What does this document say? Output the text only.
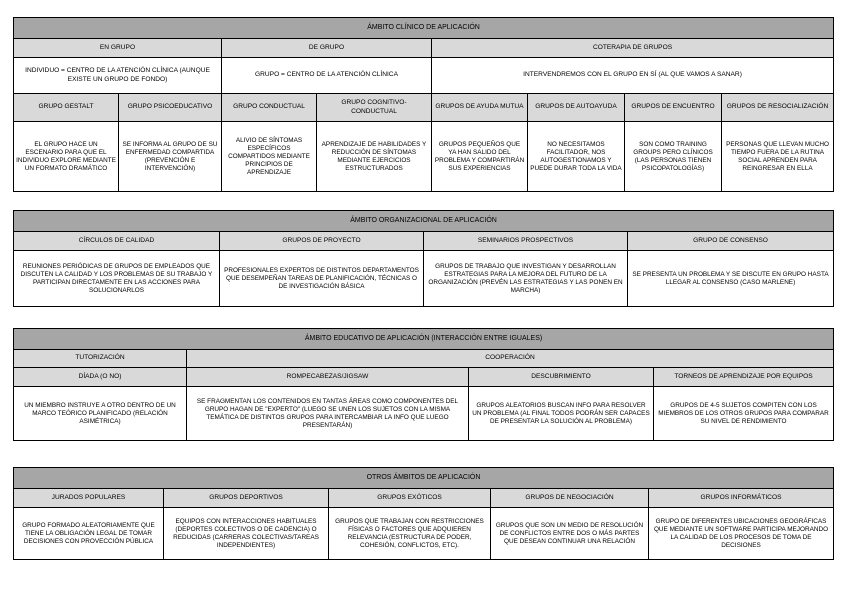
ÁMBITO CLÍNICO DE APLICACIÓN							
EN GRUPO		DE GRUPO		COTERAPIA DE GRUPOS			
INDIVIDUO = CENTRO DE LA ATENCIÓN CLÍNICA (AUNQUE EXISTE UN GRUPO DE FONDO)		GRUPO = CENTRO DE LA ATENCIÓN CLÍNICA		INTERVENDREMOS CON EL GRUPO EN SÍ (AL QUE VAMOS A SANAR)			
GRUPO GESTALT	GRUPO PSICOEDUCATIVO	GRUPO CONDUCTUAL	GRUPO COGNITIVO-CONDUCTUAL	GRUPOS DE AYUDA MUTUA	GRUPOS DE AUTOAYUDA	GRUPOS DE ENCUENTRO	GRUPOS DE RESOCIALIZACIÓN
EL GRUPO HACE UN ESCENARIO PARA QUE EL INDIVIDUO EXPLORE MEDIANTE UN FORMATO DRAMÁTICO	SE INFORMA AL GRUPO DE SU ENFERMEDAD COMPARTIDA (PREVENCIÓN E INTERVENCIÓN)	ALIVIO DE SÍNTOMAS ESPECÍFICOS COMPARTIDOS MEDIANTE PRINCIPIOS DE APRENDIZAJE	APRENDIZAJE DE HABILIDADES Y REDUCCIÓN DE SÍNTOMAS MEDIANTE EJERCICIOS ESTRUCTURADOS	GRUPOS PEQUEÑOS QUE YA HAN SALIDO DEL PROBLEMA Y COMPARTIRÁN SUS EXPERIENCIAS	NO NECESITAMOS FACILITADOR, NOS AUTOGESTIONAMOS Y PUEDE DURAR TODA LA VIDA	SON COMO TRAINING GROUPS PERO CLÍNICOS (LAS PERSONAS TIENEN PSICOPATOLOGÍAS)	PERSONAS QUE LLEVAN MUCHO TIEMPO FUERA DE LA RUTINA SOCIAL APRENDEN PARA REINGRESAR EN ELLA
ÁMBITO ORGANIZACIONAL DE APLICACIÓN			
CÍRCULOS DE CALIDAD	GRUPOS DE PROYECTO	SEMINARIOS PROSPECTIVOS	GRUPO DE CONSENSO
REUNIONES PERIÓDICAS DE GRUPOS DE EMPLEADOS QUE DISCUTEN LA CALIDAD Y LOS PROBLEMAS DE SU TRABAJO Y PARTICIPAN DIRECTAMENTE EN LAS ACCIONES PARA SOLUCIONARLOS	PROFESIONALES EXPERTOS DE DISTINTOS DEPARTAMENTOS QUE DESEMPEÑAN TAREAS DE PLANIFICACIÓN, TÉCNICAS O DE INVESTIGACIÓN BÁSICA	GRUPOS DE TRABAJO QUE INVESTIGAN Y DESARROLLAN ESTRATEGIAS PARA LA MEJORA DEL FUTURO DE LA ORGANIZACIÓN (PREVÉN LAS ESTRATEGIAS Y LAS PONEN EN MARCHA)	SE PRESENTA UN PROBLEMA Y SE DISCUTE EN GRUPO HASTA LLEGAR AL CONSENSO (CASO MARLENE)
ÁMBITO EDUCATIVO DE APLICACIÓN (INTERACCIÓN ENTRE IGUALES)			
TUTORIZACIÓN	COOPERACIÓN		
DÍADA (O NO)	ROMPECABEZAS/JIGSAW	DESCUBRIMIENTO	TORNEOS DE APRENDIZAJE POR EQUIPOS
UN MIEMBRO INSTRUYE A OTRO DENTRO DE UN MARCO TEÓRICO PLANIFICADO (RELACIÓN ASIMÉTRICA)	SE FRAGMENTAN LOS CONTENIDOS EN TANTAS ÁREAS COMO COMPONENTES DEL GRUPO HAGAN DE "EXPERTO" (LUEGO SE UNEN LOS SUJETOS CON LA MISMA TEMÁTICA DE DISTINTOS GRUPOS PARA INTERCAMBIAR LA INFO QUE LUEGO PRESENTARÁN)	GRUPOS ALEATORIOS BUSCAN INFO PARA RESOLVER UN PROBLEMA (AL FINAL TODOS PODRÁN SER CAPACES DE PRESENTAR LA SOLUCIÓN AL PROBLEMA)	GRUPOS DE 4-5 SUJETOS COMPITEN CON LOS MIEMBROS DE LOS OTROS GRUPOS PARA COMPARAR SU NIVEL DE RENDIMIENTO
OTROS ÁMBITOS DE APLICACIÓN				
JURADOS POPULARES	GRUPOS DEPORTIVOS	GRUPOS EXÓTICOS	GRUPOS DE NEGOCIACIÓN	GRUPOS INFORMÁTICOS
GRUPO FORMADO ALEATORIAMENTE QUE TIENE LA OBLIGACIÓN LEGAL DE TOMAR DECISIONES CON PROVECCIÓN PÚBLICA	EQUIPOS CON INTERACCIONES HABITUALES (DEPORTES COLECTIVOS O DE CADENCIA) O REDUCIDAS (CARRERAS COLECTIVAS/TAREAS INDEPENDIENTES)	GRUPOS QUE TRABAJAN CON RESTRICCIONES FÍSICAS O FACTORES QUE ADQUIEREN RELEVANCIA (ESTRUCTURA DE PODER, COHESIÓN, CONFLICTOS, ETC).	GRUPOS QUE SON UN MEDIO DE RESOLUCIÓN DE CONFLICTOS ENTRE DOS O MÁS PARTES QUE DESEAN CONTINUAR UNA RELACIÓN	GRUPO DE DIFERENTES UBICACIONES GEOGRÁFICAS QUE MEDIANTE UN SOFTWARE PARTICIPA MEJORANDO LA CALIDAD DE LOS PROCESOS DE TOMA DE DECISIONES
